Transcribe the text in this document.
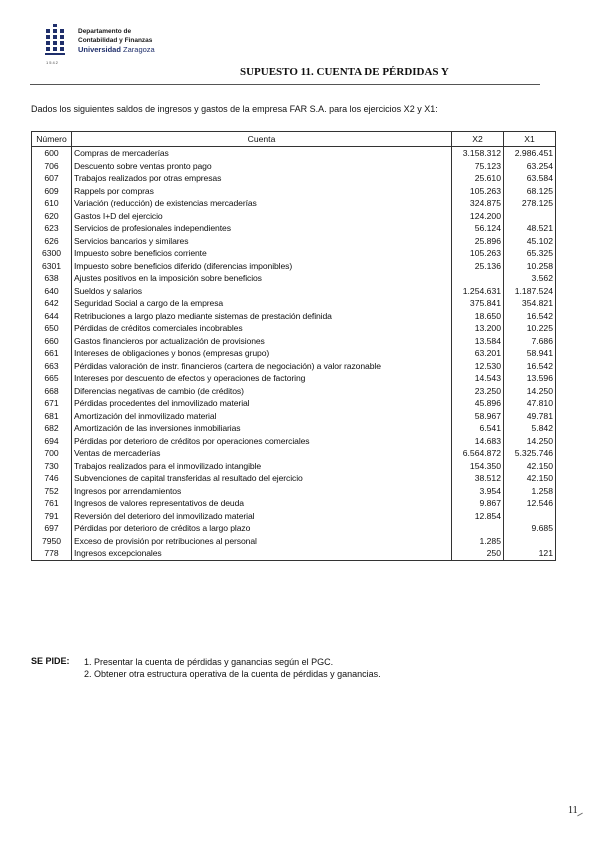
1542
Departamento de
Contabilidad y Finanzas
Universidad Zaragoza
SUPUESTO 11. CUENTA DE PÉRDIDAS Y
Dados los siguientes saldos de ingresos y gastos de la empresa FAR S.A. para los ejercicios X2 y X1:
Número	Cuenta	X2	X1
600	Compras de mercaderías	3.158.312	2.986.451
706	Descuento sobre ventas pronto pago	75.123	63.254
607	Trabajos realizados por otras empresas	25.610	63.584
609	Rappels por compras	105.263	68.125
610	Variación (reducción) de existencias mercaderías	324.875	278.125
620	Gastos I+D del ejercicio	124.200	
623	Servicios de profesionales independientes	56.124	48.521
626	Servicios bancarios y similares	25.896	45.102
6300	Impuesto sobre beneficios corriente	105.263	65.325
6301	Impuesto sobre beneficios diferido (diferencias imponibles)	25.136	10.258
638	Ajustes positivos en la imposición sobre beneficios		3.562
640	Sueldos y salarios	1.254.631	1.187.524
642	Seguridad Social a cargo de la empresa	375.841	354.821
644	Retribuciones a largo plazo mediante sistemas de prestación definida	18.650	16.542
650	Pérdidas de créditos comerciales incobrables	13.200	10.225
660	Gastos financieros por actualización de provisiones	13.584	7.686
661	Intereses de obligaciones y bonos (empresas grupo)	63.201	58.941
663	Pérdidas valoración de instr. financieros (cartera de negociación) a valor razonable	12.530	16.542
665	Intereses por descuento de efectos y operaciones de factoring	14.543	13.596
668	Diferencias negativas de cambio (de créditos)	23.250	14.250
671	Pérdidas procedentes del inmovilizado material	45.896	47.810
681	Amortización del inmovilizado material	58.967	49.781
682	Amortización de las inversiones inmobiliarias	6.541	5.842
694	Pérdidas por deterioro de créditos por operaciones comerciales	14.683	14.250
700	Ventas de mercaderías	6.564.872	5.325.746
730	Trabajos realizados para el inmovilizado intangible	154.350	42.150
746	Subvenciones de capital transferidas al resultado del ejercicio	38.512	42.150
752	Ingresos por arrendamientos	3.954	1.258
761	Ingresos de valores representativos de deuda	9.867	12.546
791	Reversión del deterioro del inmovilizado material	12.854	
697	Pérdidas por deterioro de créditos a largo plazo		9.685
7950	Exceso de provisión por retribuciones al personal	1.285	
778	Ingresos excepcionales	250	121
SE PIDE: 1. Presentar la cuenta de pérdidas y ganancias según el PGC.
2. Obtener otra estructura operativa de la cuenta de pérdidas y ganancias.
11
